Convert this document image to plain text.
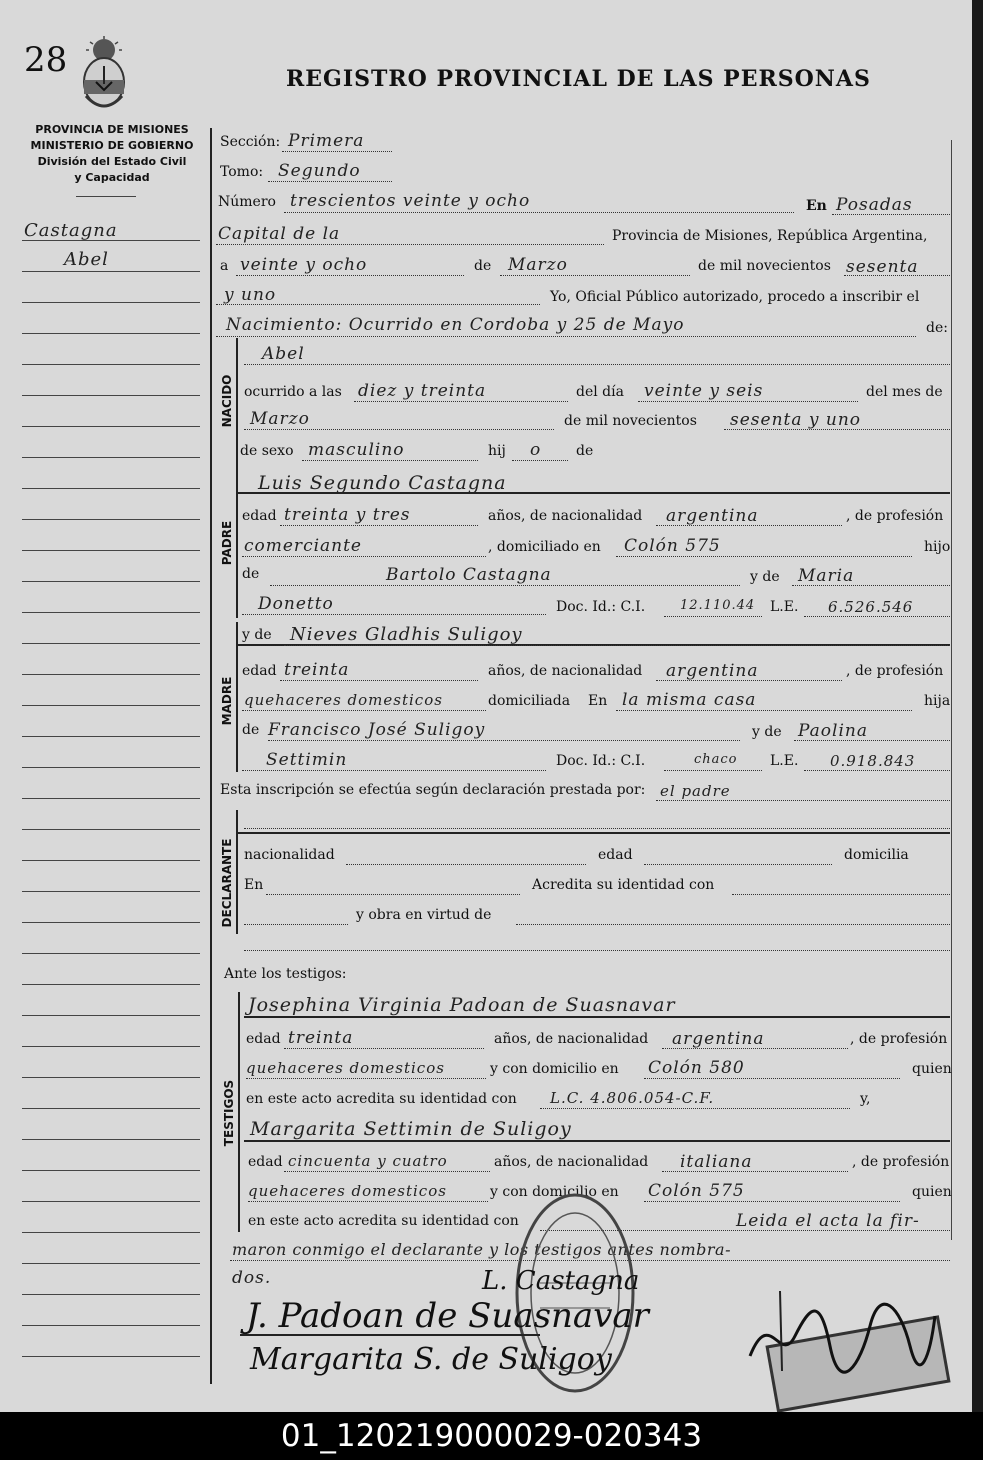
28	REGISTRO PROVINCIAL DE LAS PERSONAS
PROVINCIA DE MISIONES
MINISTERIO DE GOBIERNO
División del Estado Civil
y Capacidad
Castagna
Abel
NACIDO
PADRE
MADRE
DECLARANTE
TESTIGOS
Sección: Primera
Tomo: Segundo
Número trescientos veinte y ocho	En Posadas
Capital de la	Provincia de Misiones, República Argentina,
a veinte y ocho	de Marzo	de mil novecientos sesenta
y uno	Yo, Oficial Público autorizado, procedo a inscribir el
Nacimiento: Ocurrido en Cordoba y 25 de Mayo	de:
Abel
ocurrido a las diez y treinta	del día veinte y seis	del mes de
Marzo	de mil novecientos sesenta y uno
de sexo masculino	hij o de
Luis Segundo Castagna
edad treinta y tres	años, de nacionalidad argentina	, de profesión
comerciante	, domiciliado en Colón 575	hijo
de	Bartolo Castagna	y de Maria
Donetto	Doc. Id.: C.I.	12.110.44 L.E. 6.526.546
y de Nieves Gladhis Suligoy
edad treinta	años, de nacionalidad argentina	, de profesión
quehaceres domesticos	domiciliada En la misma casa	hija
de Francisco José Suligoy	y de Paolina
Settimin	Doc. Id.: C.I.	chaco L.E. 0.918.843
Esta inscripción se efectúa según declaración prestada por: el padre
nacionalidad	edad	domicilia
En	Acredita su identidad con
y obra en virtud de
Ante los testigos:
Josephina Virginia Padoan de Suasnavar
edad treinta	años, de nacionalidad argentina	, de profesión
quehaceres domesticos	y con domicilio en Colón 580	quien
en este acto acredita su identidad con L.C. 4.806.054-C.F.	y,
Margarita Settimin de Suligoy
edad cincuenta y cuatro	años, de nacionalidad italiana	, de profesión
quehaceres domesticos	y con domicilio en Colón 575	quien
en este acto acredita su identidad con	Leida el acta la fir-
maron conmigo el declarante y los testigos antes nombra-
dos.	L. Castagna
J. Padoan de Suasnavar
Margarita S. de Suligoy
01_120219000029-020343
